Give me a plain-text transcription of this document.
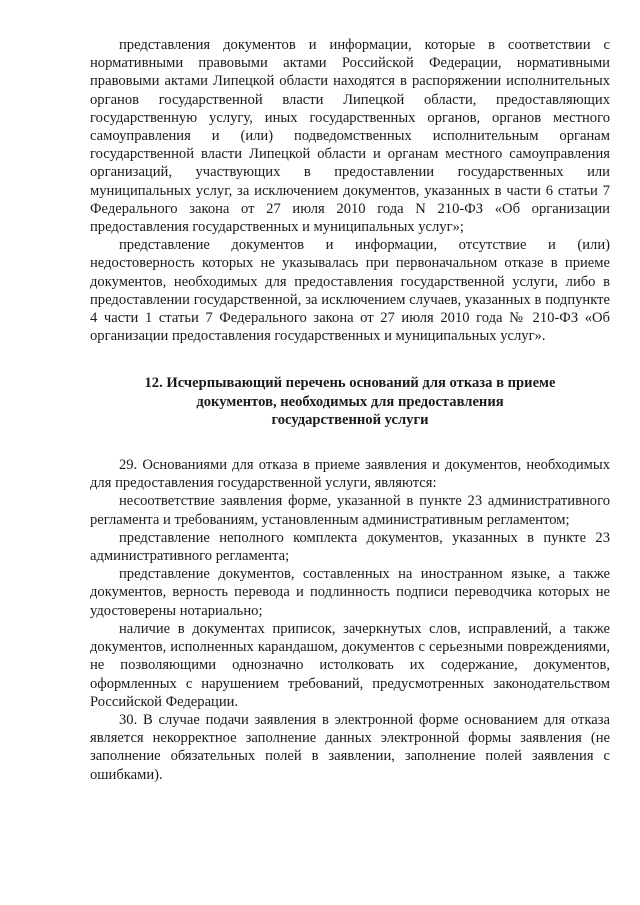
представления документов и информации, которые в соответствии с нормативными правовыми актами Российской Федерации, нормативными правовыми актами Липецкой области находятся в распоряжении исполнительных органов государственной власти Липецкой области, предоставляющих государственную услугу, иных государственных органов, органов местного самоуправления и (или) подведомственных исполнительным органам государственной власти Липецкой области и органам местного самоуправления организаций, участвующих в предоставлении государственных или муниципальных услуг, за исключением документов, указанных в части 6 статьи 7 Федерального закона от 27 июля 2010 года N 210-ФЗ «Об организации предоставления государственных и муниципальных услуг»;

представление документов и информации, отсутствие и (или) недостоверность которых не указывалась при первоначальном отказе в приеме документов, необходимых для предоставления государственной услуги, либо в предоставлении государственной, за исключением случаев, указанных в подпункте 4 части 1 статьи 7 Федерального закона от 27 июля 2010 года № 210-ФЗ «Об организации предоставления государственных и муниципальных услуг».

12. Исчерпывающий перечень оснований для отказа в приеме документов, необходимых для предоставления государственной услуги

29. Основаниями для отказа в приеме заявления и документов, необходимых для предоставления государственной услуги, являются:

несоответствие заявления форме, указанной в пункте 23 административного регламента и требованиям, установленным административным регламентом;

представление неполного комплекта документов, указанных в пункте 23 административного регламента;

представление документов, составленных на иностранном языке, а также документов, верность перевода и подлинность подписи переводчика которых не удостоверены нотариально;

наличие в документах приписок, зачеркнутых слов, исправлений, а также документов, исполненных карандашом, документов с серьезными повреждениями, не позволяющими однозначно истолковать их содержание, документов, оформленных с нарушением требований, предусмотренных законодательством Российской Федерации.

30. В случае подачи заявления в электронной форме основанием для отказа является некорректное заполнение данных электронной формы заявления (не заполнение обязательных полей в заявлении, заполнение полей заявления с ошибками).
